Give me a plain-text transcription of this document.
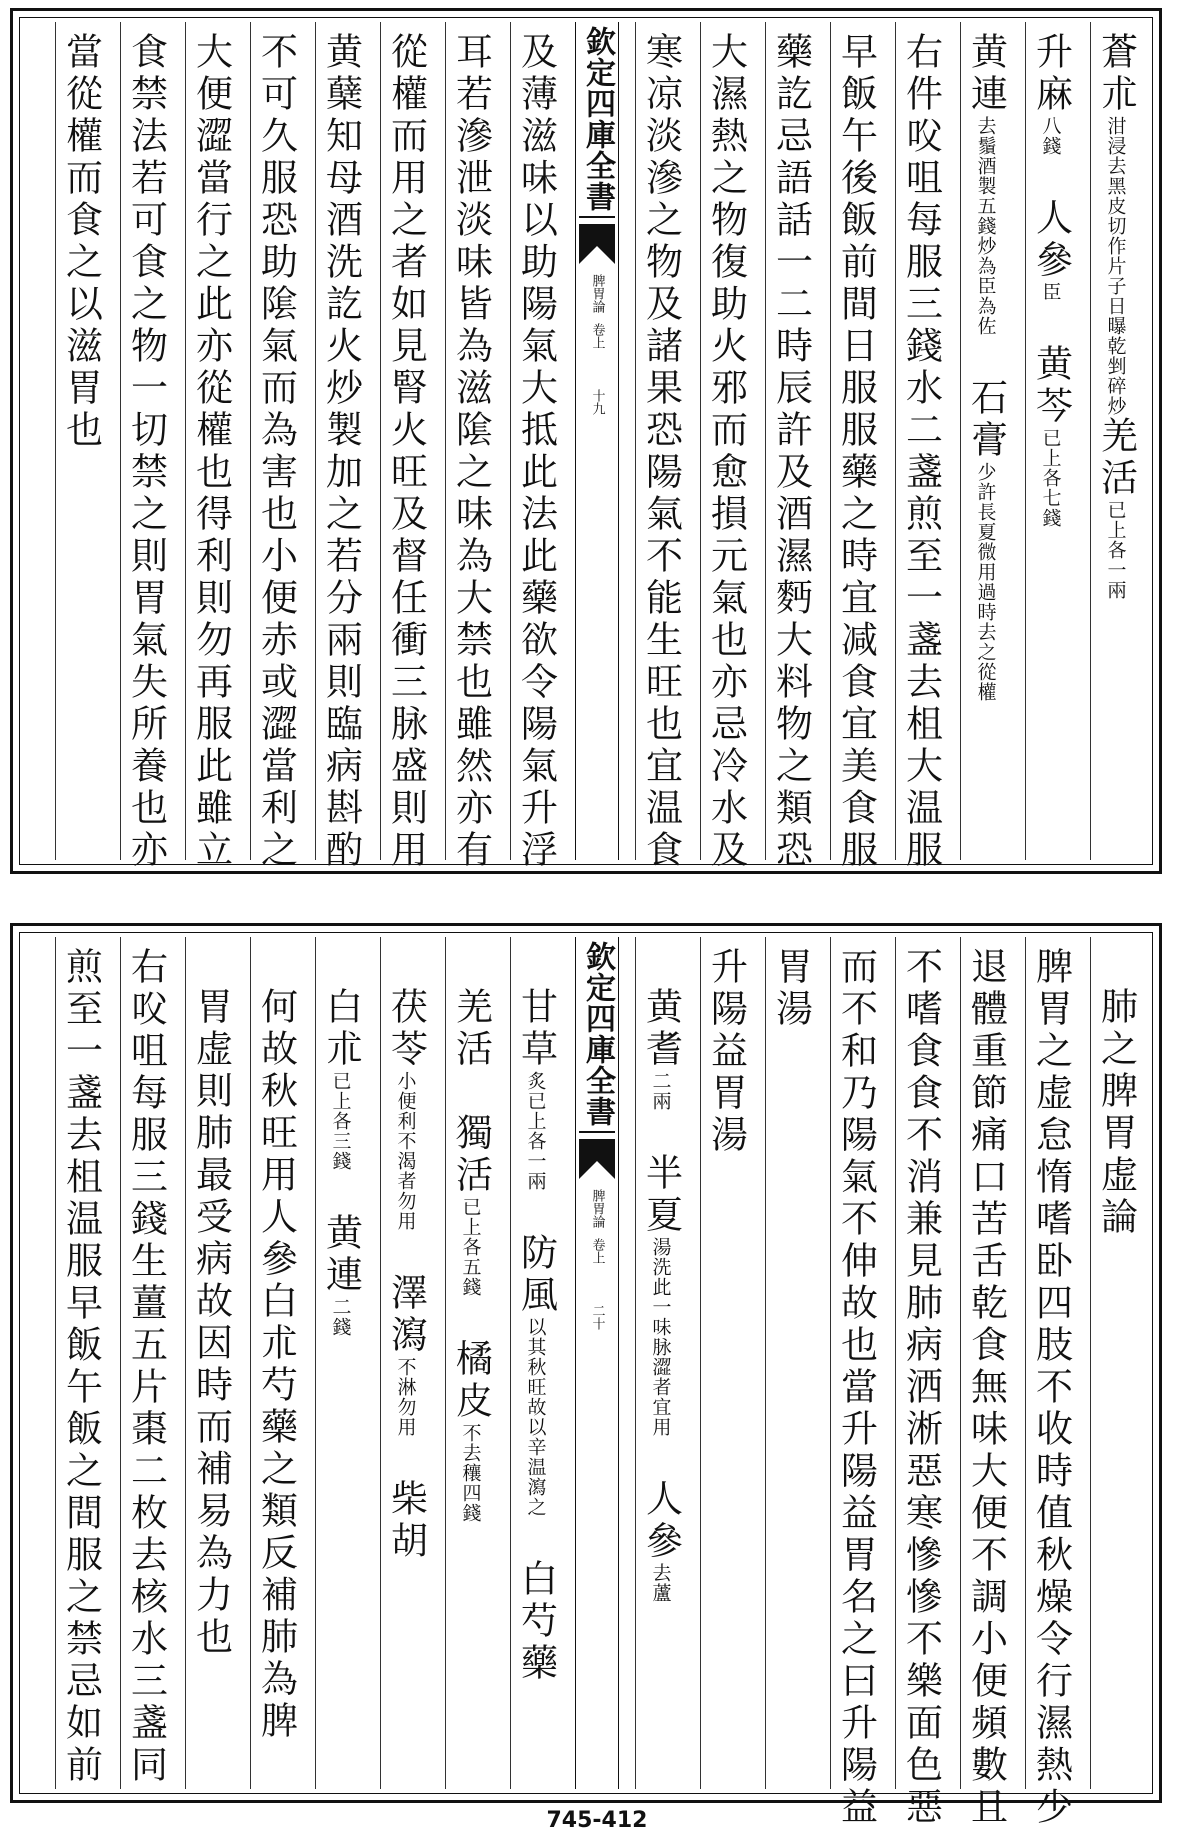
蒼朮泔浸去黑皮切作片子日曝乾剉碎炒羌活已上各一兩
升麻八錢　人參臣　黄芩已上各七錢
黄連去鬚酒製五錢炒為臣為佐　石膏少許長夏微用過時去之從權
右件㕮咀每服三錢水二盞煎至一盞去柤大温服
早飯午後飯前間日服服藥之時宜减食宜美食服
藥訖忌語話一二時辰許及酒濕麪大料物之類恐
大濕熱之物復助火邪而愈損元氣也亦忌冷水及
寒凉淡滲之物及諸果恐陽氣不能生旺也宜温食
欽定四庫全書
脾胃論
卷上
十九
及薄滋味以助陽氣大抵此法此藥欲令陽氣升浮
耳若滲泄淡味皆為滋隂之味為大禁也雖然亦有
從權而用之者如見腎火旺及督任衝三脉盛則用
黄蘖知母酒洗訖火炒製加之若分兩則臨病斟酌
不可久服恐助隂氣而為害也小便赤或澀當利之
大便澀當行之此亦從權也得利則勿再服此雖立
食禁法若可食之物一切禁之則胃氣失所養也亦
當從權而食之以滋胃也
肺之脾胃虚論
脾胃之虚怠惰嗜卧四肢不收時值秋燥令行濕熱少
退體重節痛口苦舌乾食無味大便不調小便頻數且
不嗜食食不消兼見肺病洒淅惡寒慘慘不樂面色惡
而不和乃陽氣不伸故也當升陽益胃名之曰升陽益
胃湯
升陽益胃湯
黄耆二兩　半夏湯洗此一味脉澀者宜用　人參去蘆
欽定四庫全書
脾胃論
卷上
二十
甘草炙已上各一兩　防風以其秋旺故以辛温瀉之　白芍藥
羌活　獨活已上各五錢　橘皮不去穰四錢
茯苓小便利不渴者勿用　澤瀉不淋勿用　柴胡
白朮已上各三錢　黄連二錢
何故秋旺用人參白朮芍藥之類反補肺為脾
胃虚則肺最受病故因時而補易為力也
右㕮咀每服三錢生薑五片棗二枚去核水三盞同
煎至一盞去柤温服早飯午飯之間服之禁忌如前
745-412
